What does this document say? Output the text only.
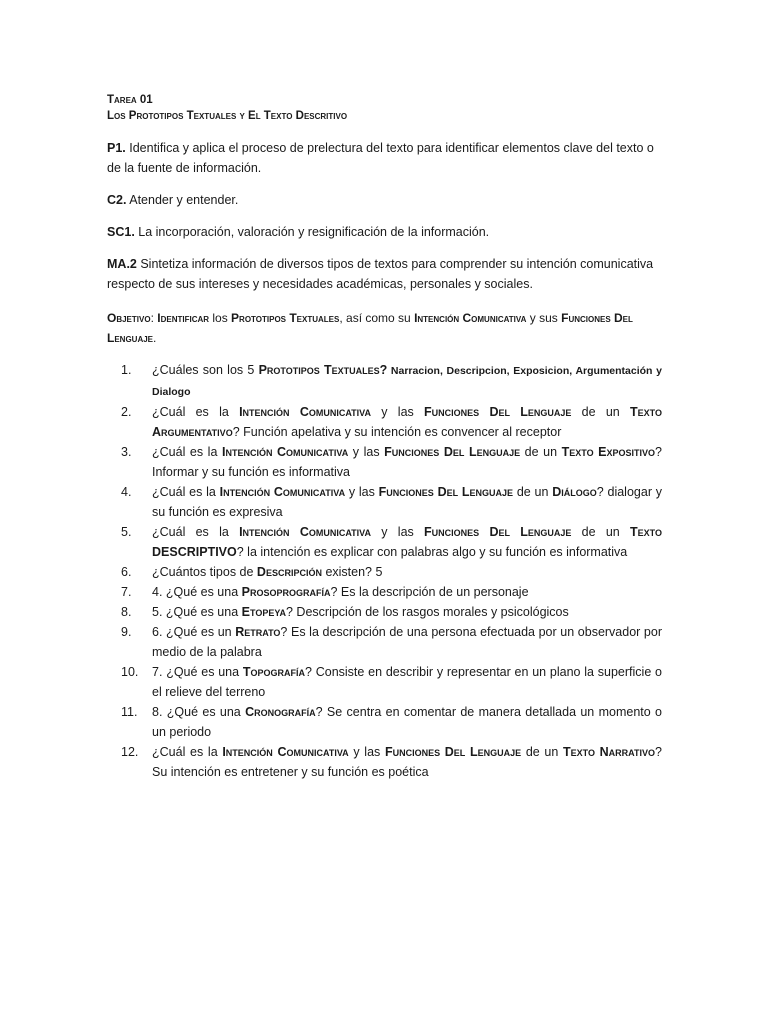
Tarea 01
Los Prototipos Textuales y El Texto Descritivo

P1. Identifica y aplica el proceso de prelectura del texto para identificar elementos clave del texto o de la fuente de información.

C2. Atender y entender.

SC1. La incorporación, valoración y resignificación de la información.

MA.2 Sintetiza información de diversos tipos de textos para comprender su intención comunicativa respecto de sus intereses y necesidades académicas, personales y sociales.

Objetivo: Identificar los Prototipos Textuales, así como su Intención Comunicativa y sus Funciones Del Lenguaje.

1.	¿Cuáles son los 5 Prototipos Textuales? Narracion, Descripcion, Exposicion, Argumentación y Dialogo
2.	¿Cuál es la Intención Comunicativa y las Funciones Del Lenguaje de un Texto Argumentativo? Función apelativa y su intención es convencer al receptor
3.	¿Cuál es la Intención Comunicativa y las Funciones Del Lenguaje de un Texto Expositivo? Informar y su función es informativa
4.	¿Cuál es la Intención Comunicativa y las Funciones Del Lenguaje de un Diálogo? dialogar y su función es expresiva
5.	¿Cuál es la Intención Comunicativa y las Funciones Del Lenguaje de un Texto DESCRIPTIVO? la intención es explicar con palabras algo y su función es informativa
6.	¿Cuántos tipos de Descripción existen? 5
7.	4. ¿Qué es una Prosoprografía? Es la descripción de un personaje
8.	5. ¿Qué es una Etopeya? Descripción de los rasgos morales y psicológicos
9.	6. ¿Qué es un Retrato? Es la descripción de una persona efectuada por un observador por medio de la palabra
10.	7. ¿Qué es una Topografía? Consiste en describir y representar en un plano la superficie o el relieve del terreno
11.	8. ¿Qué es una Cronografía? Se centra en comentar de manera detallada un momento o un periodo
12.	¿Cuál es la Intención Comunicativa y las Funciones Del Lenguaje de un Texto Narrativo? Su intención es entretener y su función es poética
